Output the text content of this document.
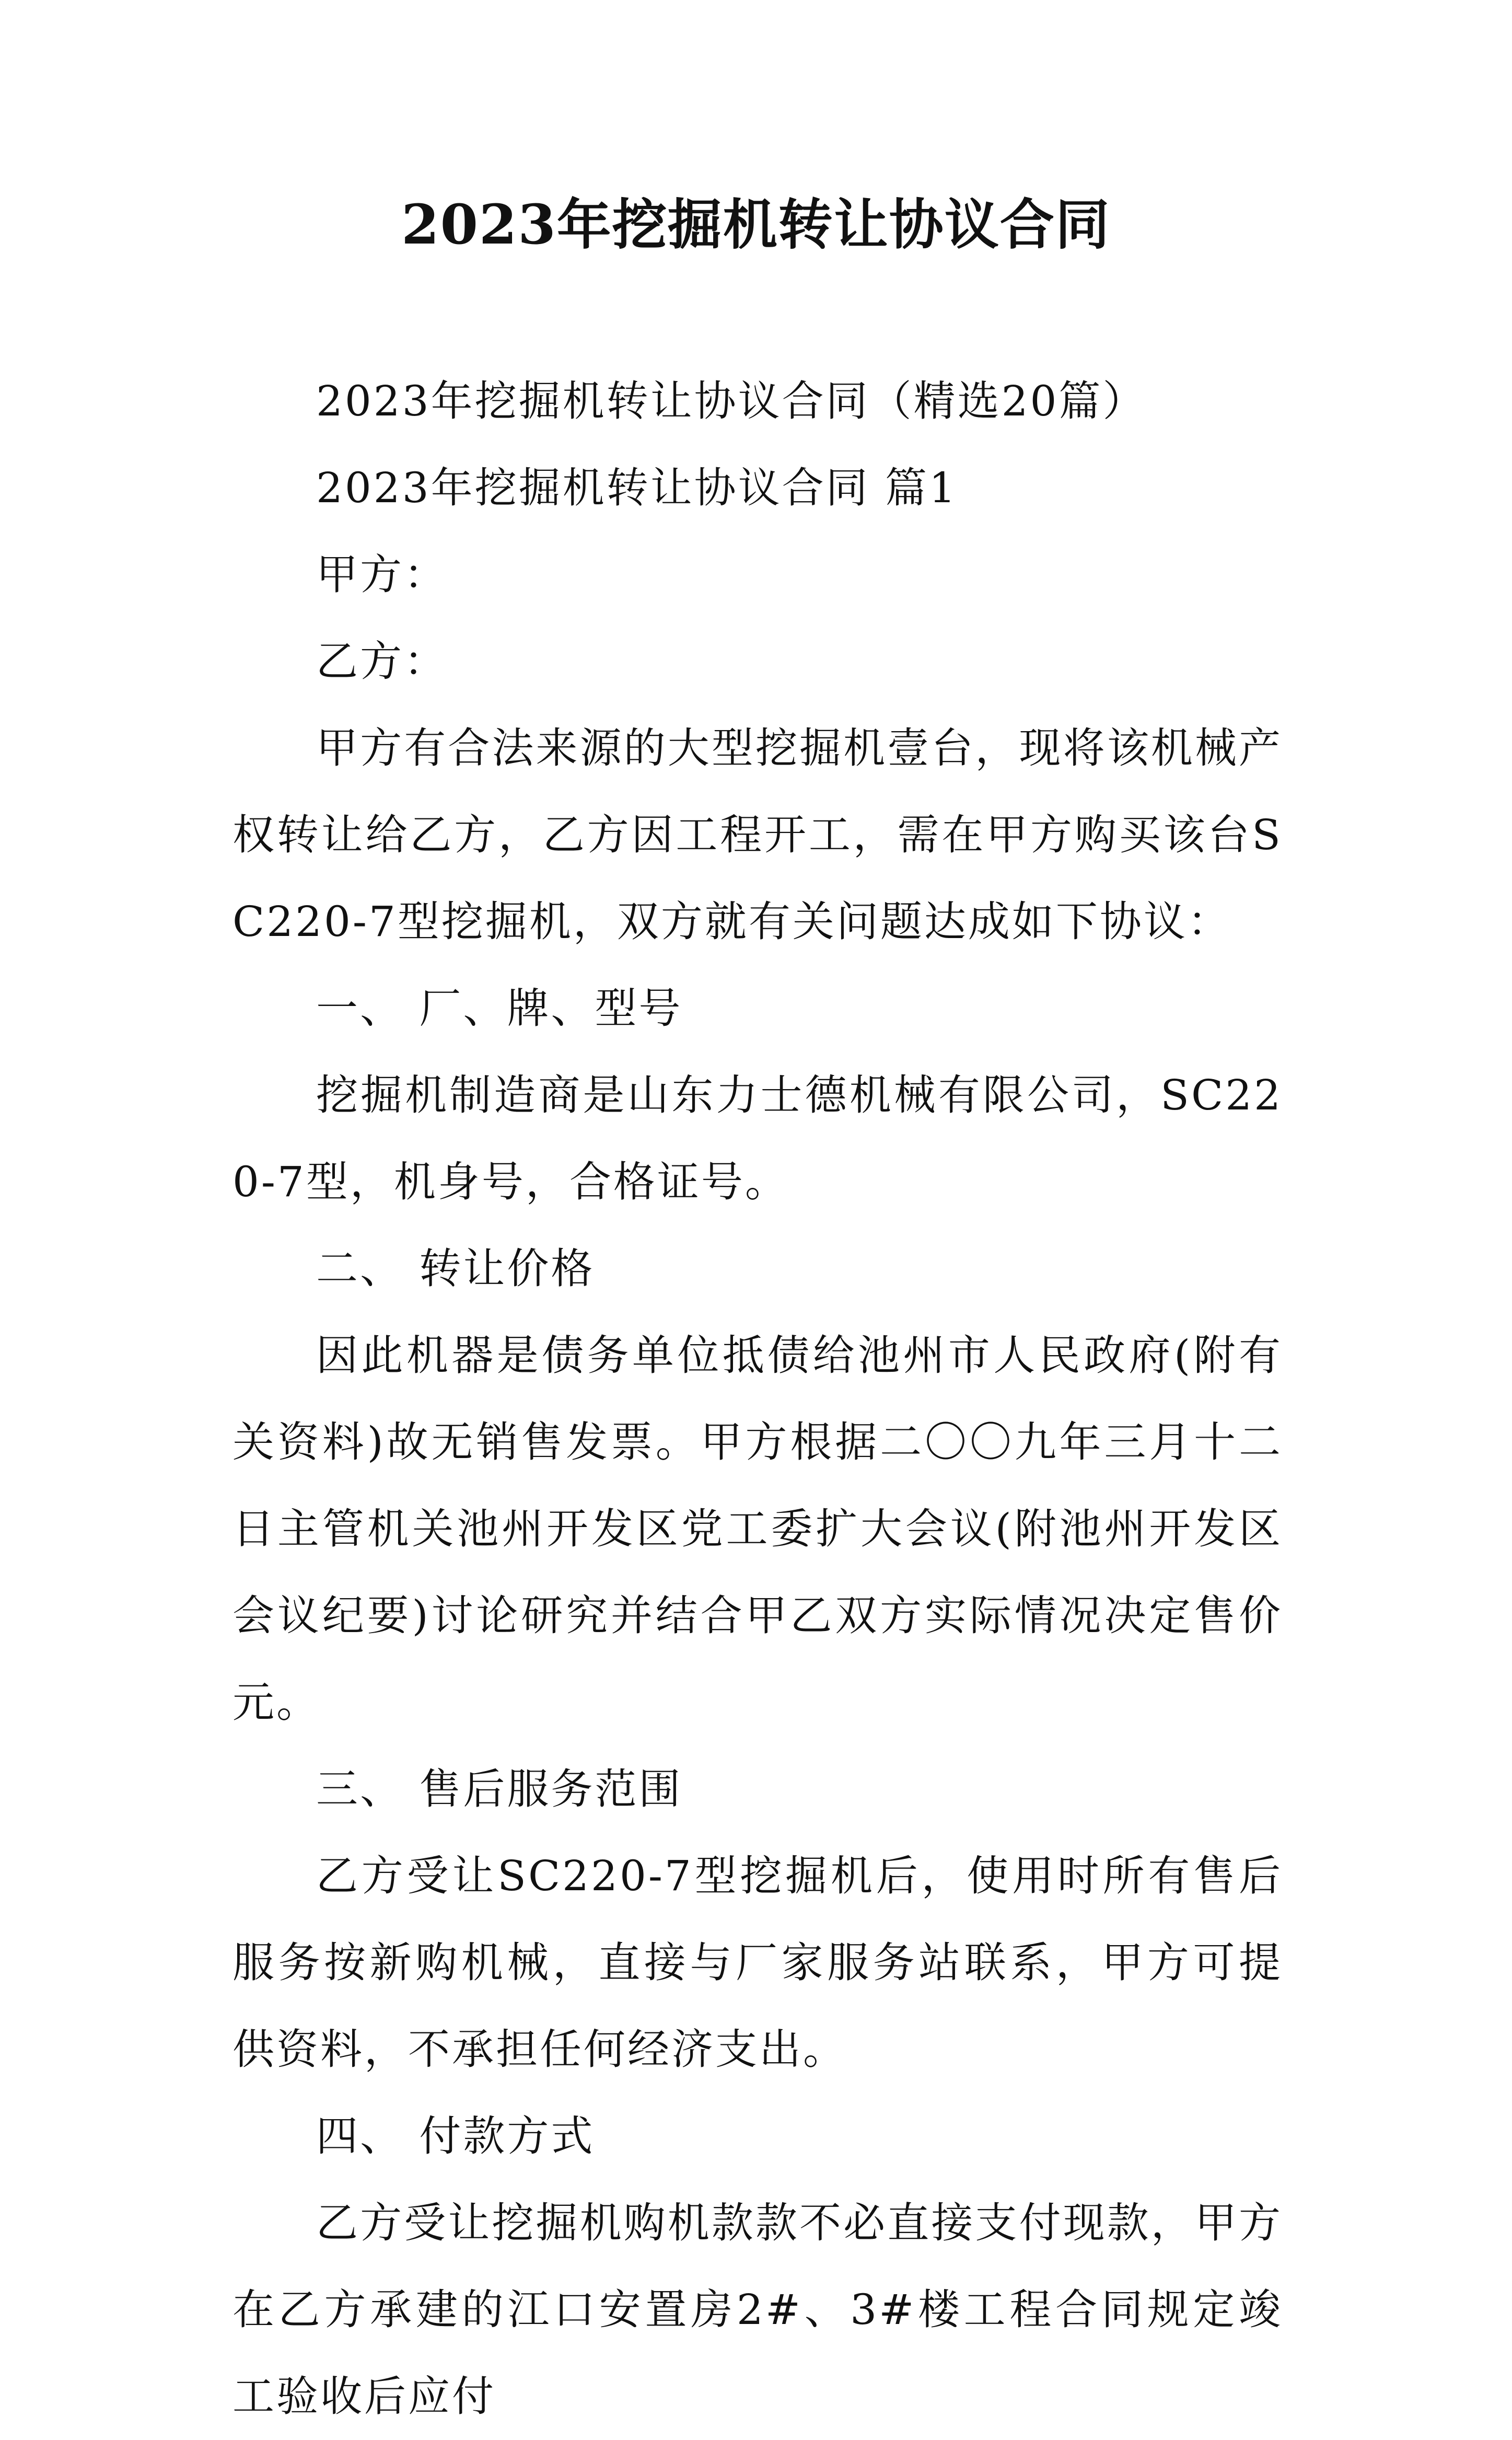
2023年挖掘机转让协议合同

2023年挖掘机转让协议合同（精选20篇）

2023年挖掘机转让协议合同 篇1

甲方：

乙方：

甲方有合法来源的大型挖掘机壹台，现将该机械产权转让给乙方，乙方因工程开工，需在甲方购买该台SC220-7型挖掘机，双方就有关问题达成如下协议：

一、 厂、牌、型号

挖掘机制造商是山东力士德机械有限公司，SC220-7型，机身号，合格证号。

二、 转让价格

因此机器是债务单位抵债给池州市人民政府(附有关资料)故无销售发票。甲方根据二〇〇九年三月十二日主管机关池州开发区党工委扩大会议(附池州开发区会议纪要)讨论研究并结合甲乙双方实际情况决定售价元。

三、 售后服务范围

乙方受让SC220-7型挖掘机后，使用时所有售后服务按新购机械，直接与厂家服务站联系，甲方可提供资料，不承担任何经济支出。

四、 付款方式

乙方受让挖掘机购机款款不必直接支付现款，甲方在乙方承建的江口安置房2#、3#楼工程合同规定竣工验收后应付
